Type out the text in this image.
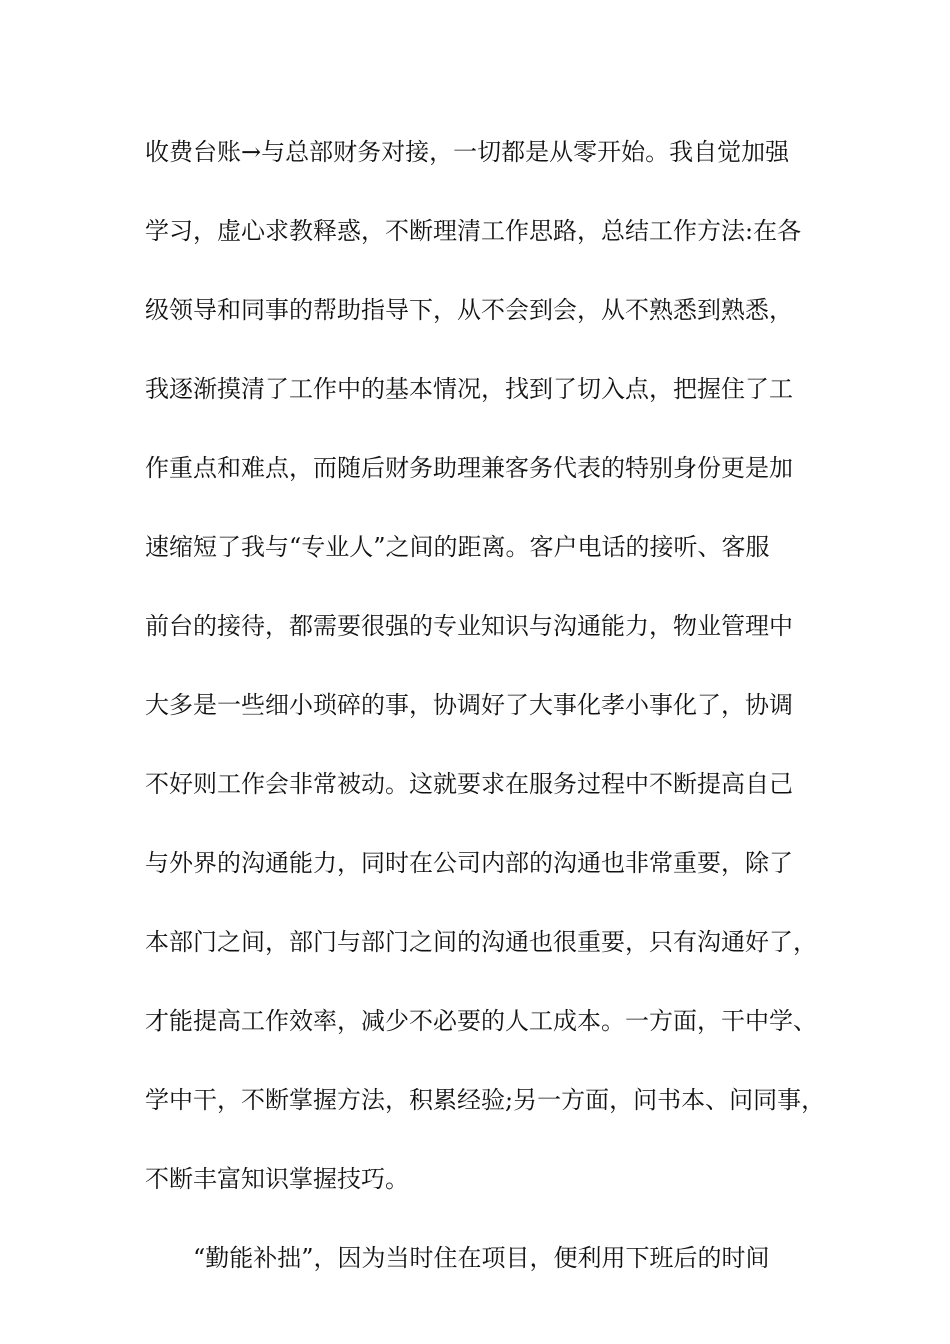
收费台账→与总部财务对接，一切都是从零开始。我自觉加强
学习，虚心求教释惑，不断理清工作思路，总结工作方法:在各
级领导和同事的帮助指导下，从不会到会，从不熟悉到熟悉，
我逐渐摸清了工作中的基本情况，找到了切入点，把握住了工
作重点和难点，而随后财务助理兼客务代表的特别身份更是加
速缩短了我与“专业人”之间的距离。客户电话的接听、客服
前台的接待，都需要很强的专业知识与沟通能力，物业管理中
大多是一些细小琐碎的事，协调好了大事化孝小事化了，协调
不好则工作会非常被动。这就要求在服务过程中不断提高自己
与外界的沟通能力，同时在公司内部的沟通也非常重要，除了
本部门之间，部门与部门之间的沟通也很重要，只有沟通好了，
才能提高工作效率，减少不必要的人工成本。一方面，干中学、
学中干，不断掌握方法，积累经验;另一方面，问书本、问同事，
不断丰富知识掌握技巧。
“勤能补拙”，因为当时住在项目，便利用下班后的时间
